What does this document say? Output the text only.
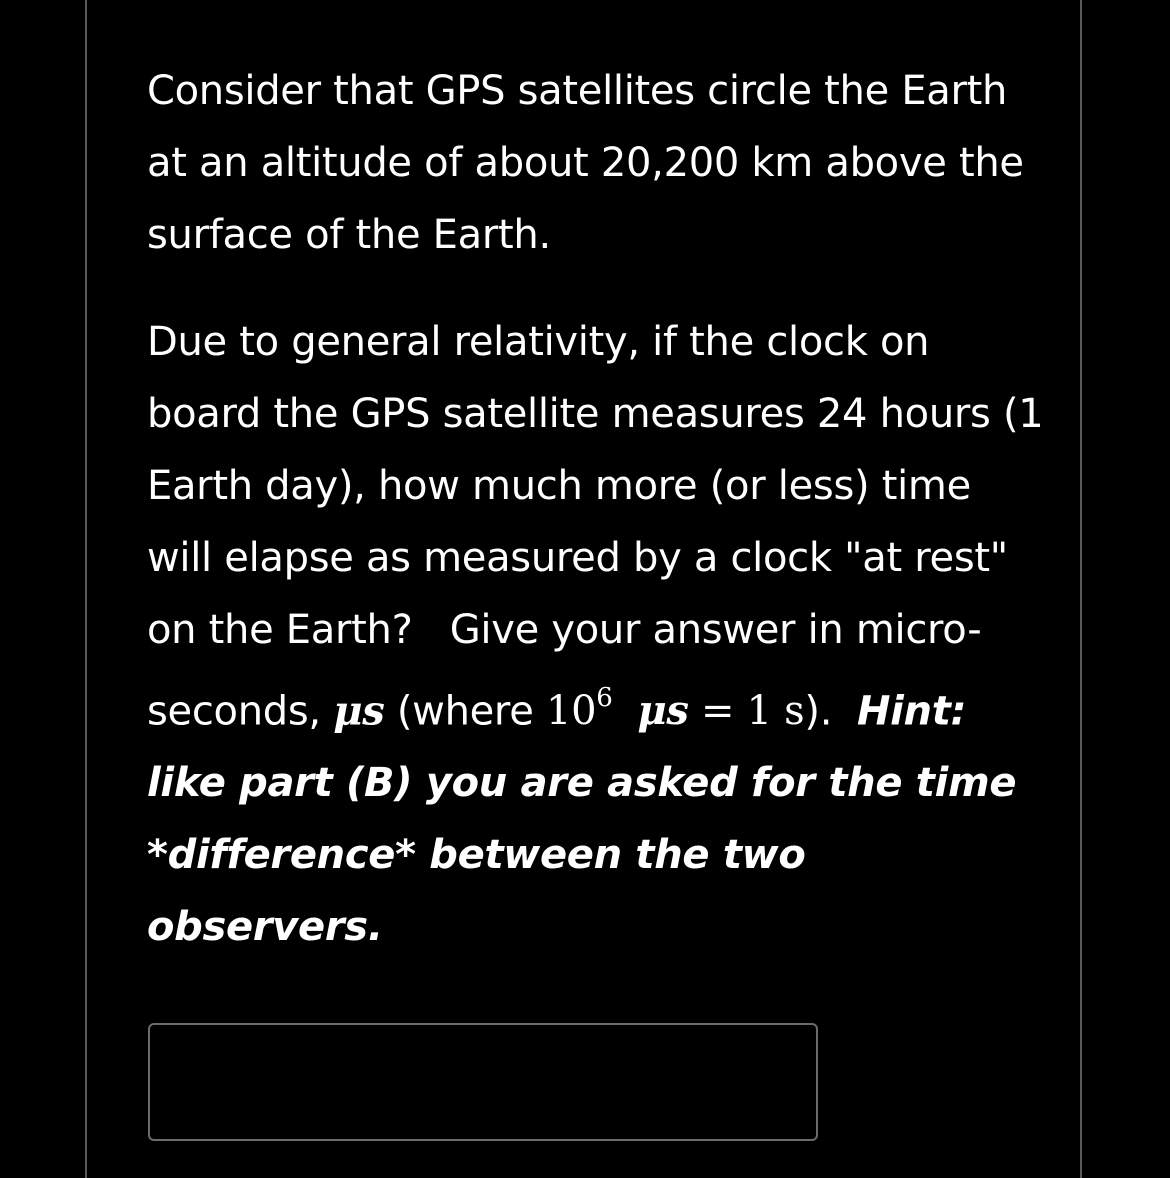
Consider that GPS satellites circle the Earth at an altitude of about 20,200 km above the surface of the Earth.

Due to general relativity, if the clock on board the GPS satellite measures 24 hours (1 Earth day), how much more (or less) time will elapse as measured by a clock "at rest" on the Earth?   Give your answer in micro-seconds, μs (where $10^6$ μs = 1 s).  Hint:  like part (B) you are asked for the time *difference* between the two observers.
